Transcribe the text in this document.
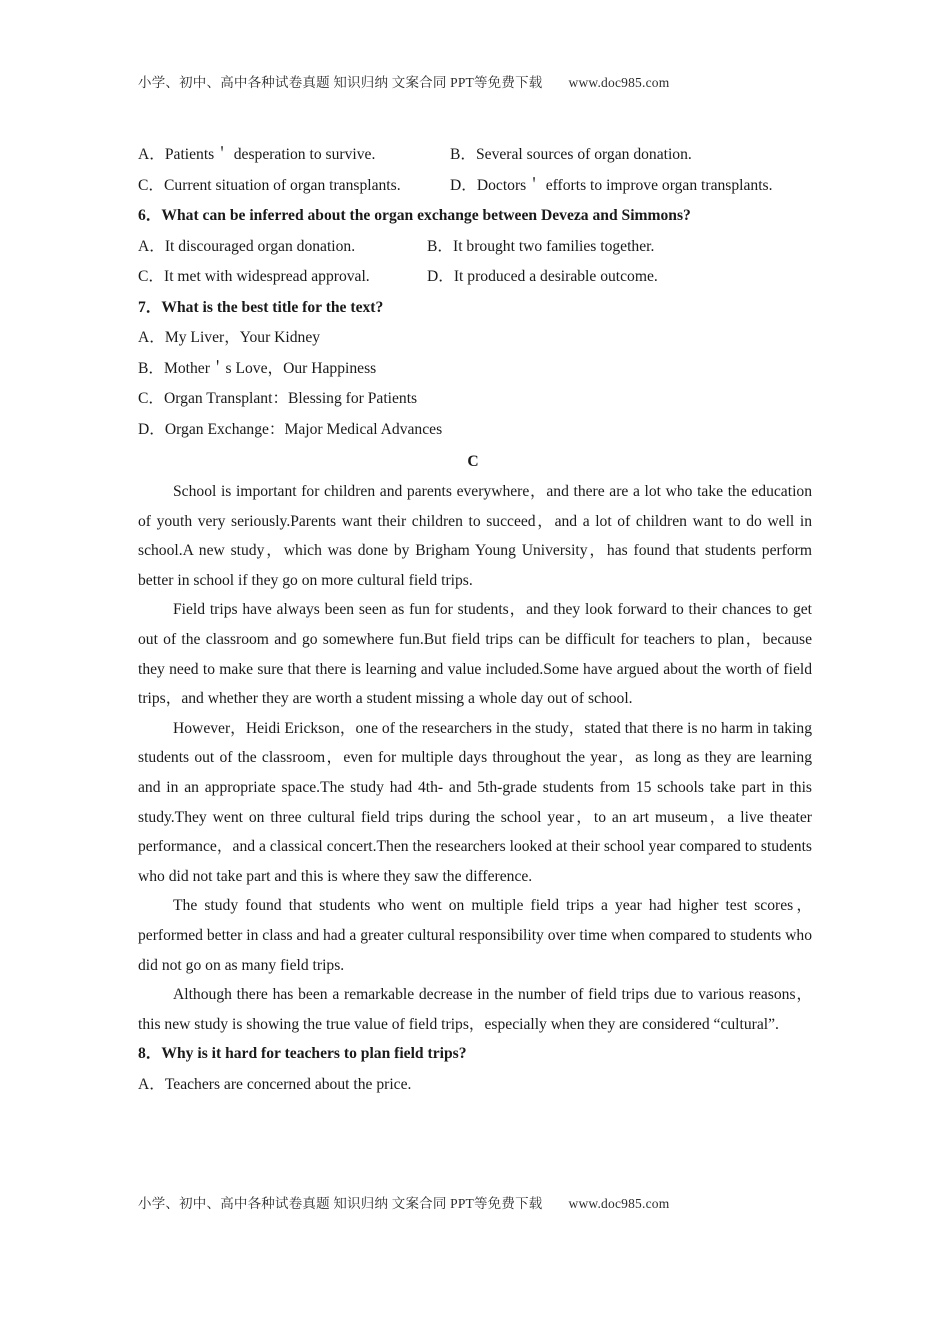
小学、初中、高中各种试卷真题 知识归纳 文案合同 PPT等免费下载 www.doc985.com
A．Patients＇ desperation to survive.	B．Several sources of organ donation.
C．Current situation of organ transplants.	D．Doctors＇ efforts to improve organ transplants.
6．What can be inferred about the organ exchange between Deveza and Simmons?
A．It discouraged organ donation.	B．It brought two families together.
C．It met with widespread approval.	D．It produced a desirable outcome.
7．What is the best title for the text?
A．My Liver，Your Kidney
B．Mother＇s Love，Our Happiness
C．Organ Transplant：Blessing for Patients
D．Organ Exchange：Major Medical Advances
C

School is important for children and parents everywhere，and there are a lot who take the education of youth very seriously.Parents want their children to succeed，and a lot of children want to do well in school.A new study，which was done by Brigham Young University，has found that students perform better in school if they go on more cultural field trips.

Field trips have always been seen as fun for students，and they look forward to their chances to get out of the classroom and go somewhere fun.But field trips can be difficult for teachers to plan，because they need to make sure that there is learning and value included.Some have argued about the worth of field trips，and whether they are worth a student missing a whole day out of school.

However，Heidi Erickson，one of the researchers in the study，stated that there is no harm in taking students out of the classroom，even for multiple days throughout the year，as long as they are learning and in an appropriate space.The study had 4th- and 5th-grade students from 15 schools take part in this study.They went on three cultural field trips during the school year，to an art museum，a live theater performance，and a classical concert.Then the researchers looked at their school year compared to students who did not take part and this is where they saw the difference.

The study found that students who went on multiple field trips a year had higher test scores，performed better in class and had a greater cultural responsibility over time when compared to students who did not go on as many field trips.

Although there has been a remarkable decrease in the number of field trips due to various reasons，this new study is showing the true value of field trips，especially when they are considered “cultural”.

8．Why is it hard for teachers to plan field trips?
A．Teachers are concerned about the price.
小学、初中、高中各种试卷真题 知识归纳 文案合同 PPT等免费下载 www.doc985.com
